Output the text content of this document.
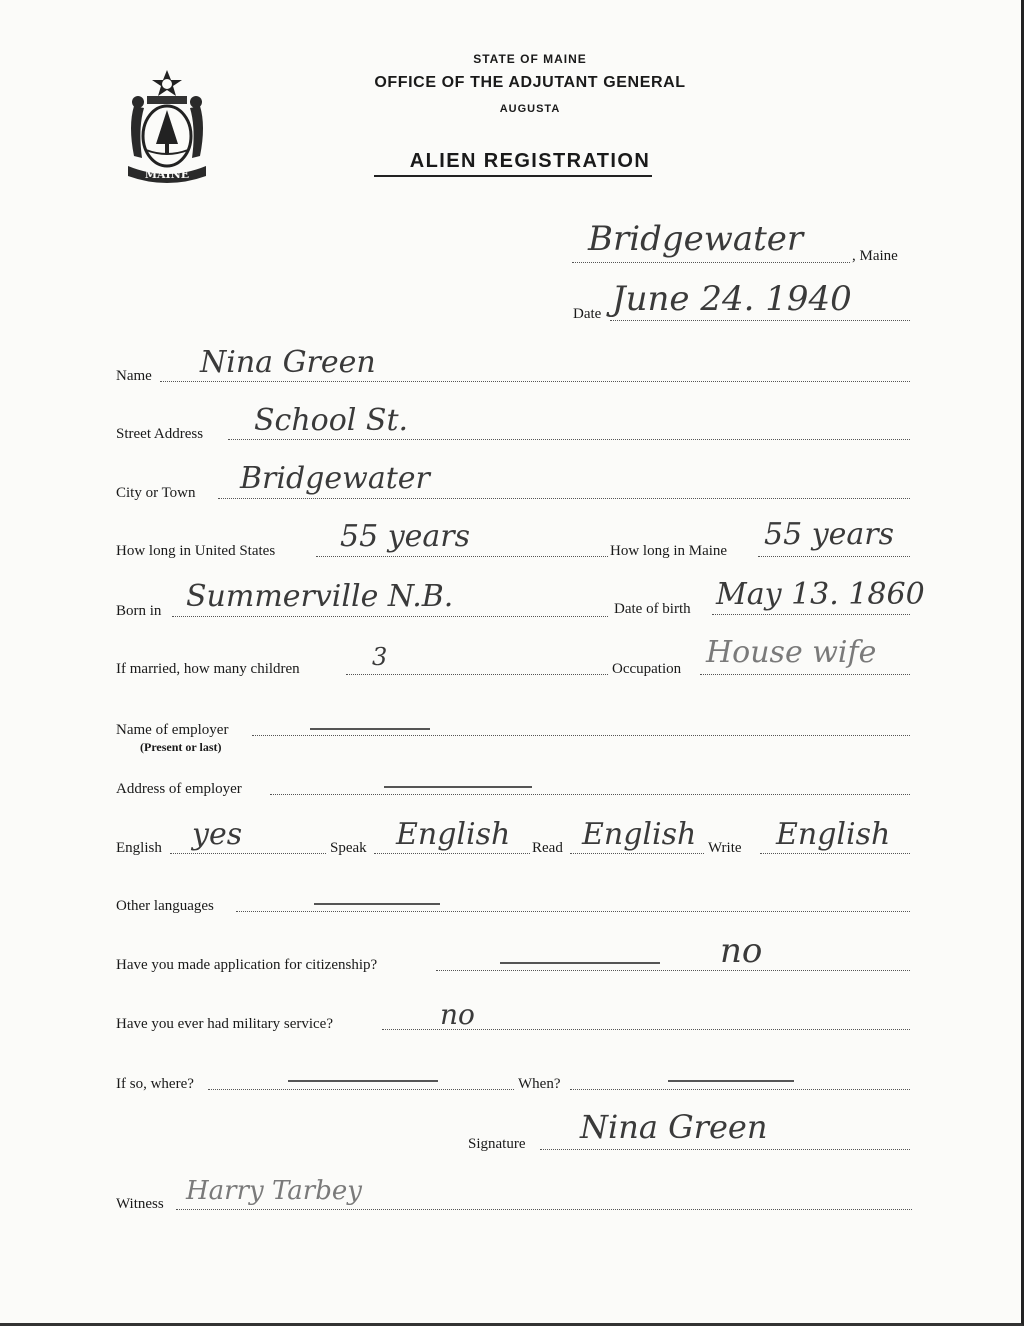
MAINE
STATE OF MAINE
OFFICE OF THE ADJUTANT GENERAL
AUGUSTA
ALIEN REGISTRATION
Bridgewater	, Maine
Date June 24. 1940
Name Nina Green
Street Address School St.
City or Town Bridgewater
How long in United States 55 years	How long in Maine 55 years
Born in Summerville N.B.	Date of birth May 13. 1860
If married, how many children	3	Occupation House wife
Name of employer
(Present or last)
Address of employer
English yes	Speak English Read English Write English
Other languages
Have you made application for citizenship?	no
Have you ever had military service?	no
If so, where?	When?
Signature Nina Green
Witness Harry Tarbey
